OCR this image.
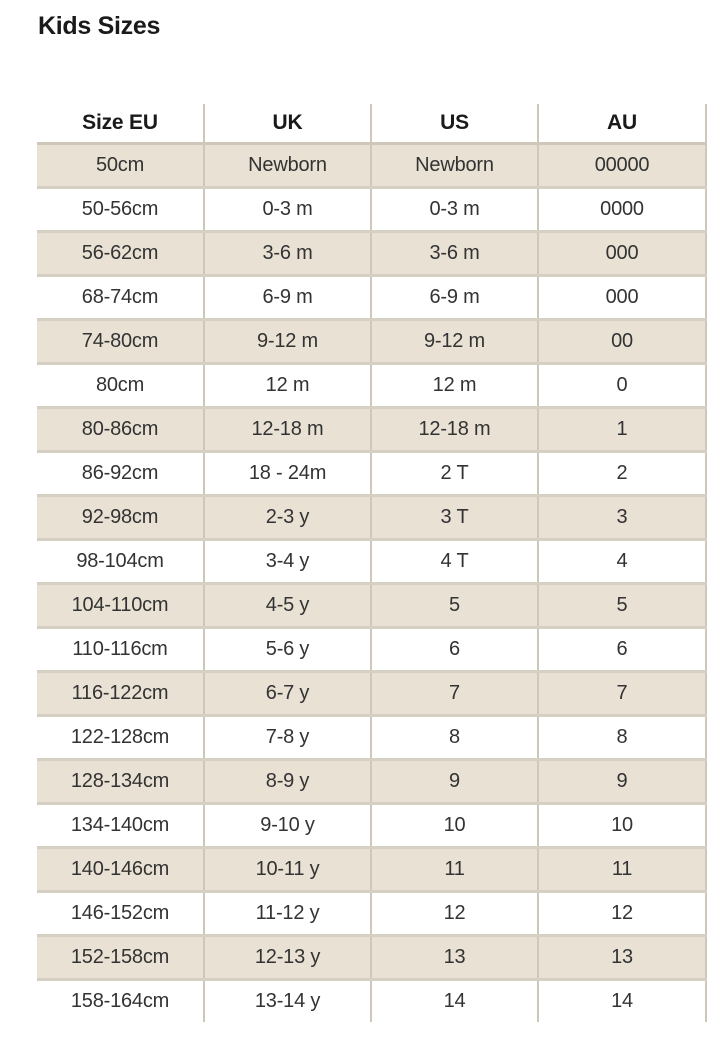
Kids Sizes
Size EU	UK	US	AU
50cm	Newborn	Newborn	00000
50-56cm	0-3 m	0-3 m	0000
56-62cm	3-6 m	3-6 m	000
68-74cm	6-9 m	6-9 m	000
74-80cm	9-12 m	9-12 m	00
80cm	12 m	12 m	0
80-86cm	12-18 m	12-18 m	1
86-92cm	18 - 24m	2 T	2
92-98cm	2-3 y	3 T	3
98-104cm	3-4 y	4 T	4
104-110cm	4-5 y	5	5
110-116cm	5-6 y	6	6
116-122cm	6-7 y	7	7
122-128cm	7-8 y	8	8
128-134cm	8-9 y	9	9
134-140cm	9-10 y	10	10
140-146cm	10-11 y	11	11
146-152cm	11-12 y	12	12
152-158cm	12-13 y	13	13
158-164cm	13-14 y	14	14
